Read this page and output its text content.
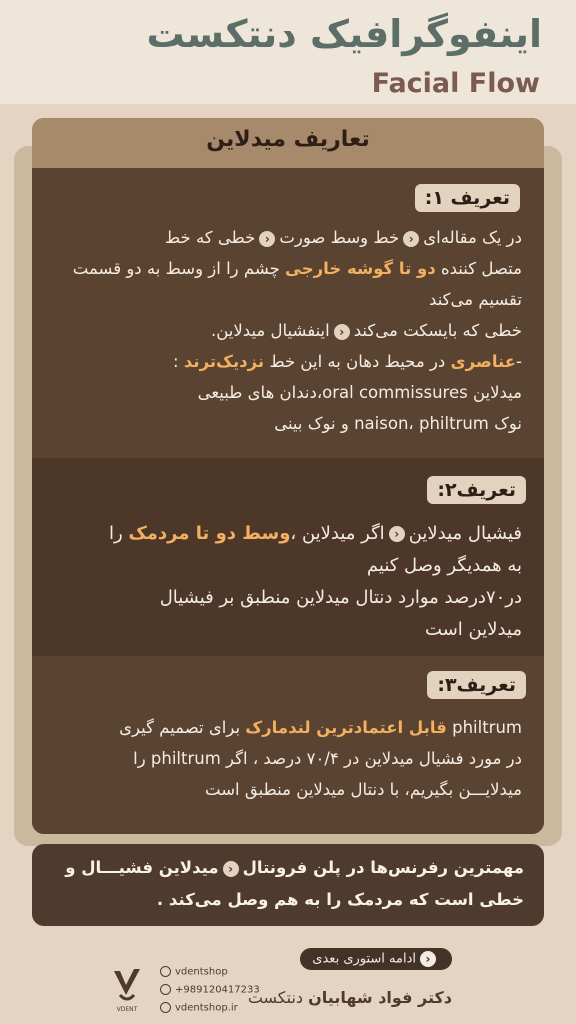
اینفوگرافیک دنتکست
Facial Flow
تعاریف میدلاین
تعریف ۱:
در یک مقاله‌ای‹خط وسط صورت‹خطی که خط
متصل کننده دو تا گوشه خارجی چشم را از وسط به دو قسمت
تقسیم می‌کند
خطی که بایسکت می‌کند‹اینفشیال میدلاین.
-عناصری در محیط دهان به این خط نزدیک‌ترند :
میدلاین oral commissures،دندان های طبیعی
نوک naison، philtrum و نوک بینی
تعریف۲:
فیشیال میدلاین‹اگر میدلاین ،وسط دو تا مردمک را
به همدیگر وصل کنیم
در۷۰درصد موارد دنتال میدلاین منطبق بر فیشیال
میدلاین است
تعریف۳:
philtrum قابل اعتمادترین لندمارک برای تصمیم گیری
در مورد فشیال میدلاین در ۷۰/۴ درصد ، اگر philtrum را
میدلایـــن بگیریم، با دنتال میدلاین منطبق است
مهمترین رفرنس‌ها در پلن فرونتال‹میدلاین فشیـــال و
خطی است که مردمک را به هم وصل می‌کند .
‹ادامه استوری بعدی
دکتر فواد شهابیان دنتکست
vdentshop
+989120417233
vdentshop.ir
VDENT
